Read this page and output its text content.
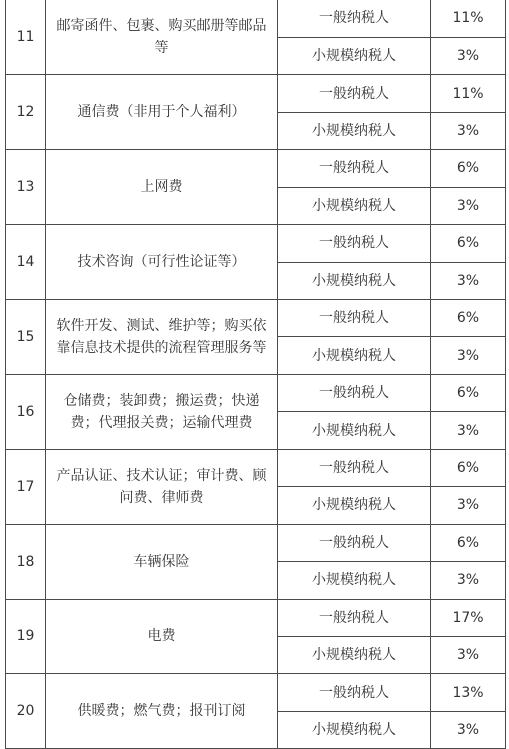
11	邮寄函件、包裹、购买邮册等邮品等	一般纳税人	11%
		小规模纳税人	3%
12	通信费（非用于个人福利）	一般纳税人	11%
		小规模纳税人	3%
13	上网费	一般纳税人	6%
		小规模纳税人	3%
14	技术咨询（可行性论证等）	一般纳税人	6%
		小规模纳税人	3%
15	软件开发、测试、维护等；购买依靠信息技术提供的流程管理服务等	一般纳税人	6%
		小规模纳税人	3%
16	仓储费；装卸费；搬运费；快递费；代理报关费；运输代理费	一般纳税人	6%
		小规模纳税人	3%
17	产品认证、技术认证；审计费、顾问费、律师费	一般纳税人	6%
		小规模纳税人	3%
18	车辆保险	一般纳税人	6%
		小规模纳税人	3%
19	电费	一般纳税人	17%
		小规模纳税人	3%
20	供暖费；燃气费；报刊订阅	一般纳税人	13%
		小规模纳税人	3%
